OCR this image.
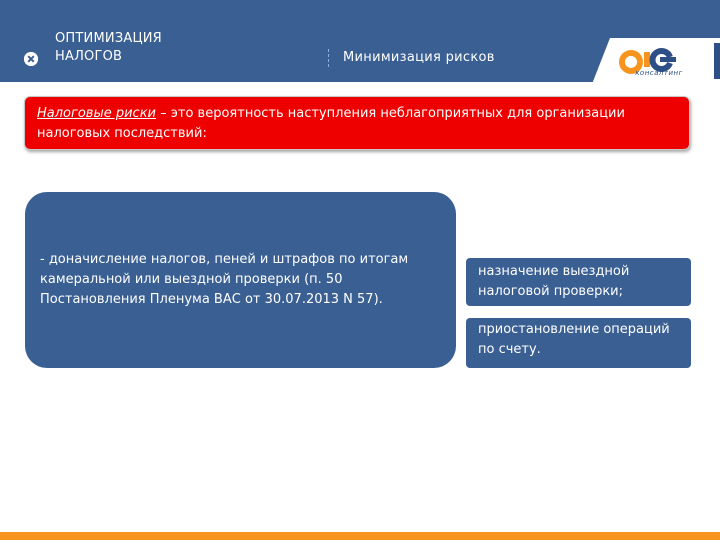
ОПТИМИЗАЦИЯ
НАЛОГОВ	Минимизация рисков
консалтинг
Налоговые риски – это вероятность наступления неблагоприятных для организации налоговых последствий:
- доначисление налогов, пеней и штрафов по итогам камеральной или выездной проверки (п. 50 Постановления Пленума ВАС от 30.07.2013 N 57).
отказ в возмещении НДС;
назначение выездной налоговой проверки;
приостановление операций по счету.
